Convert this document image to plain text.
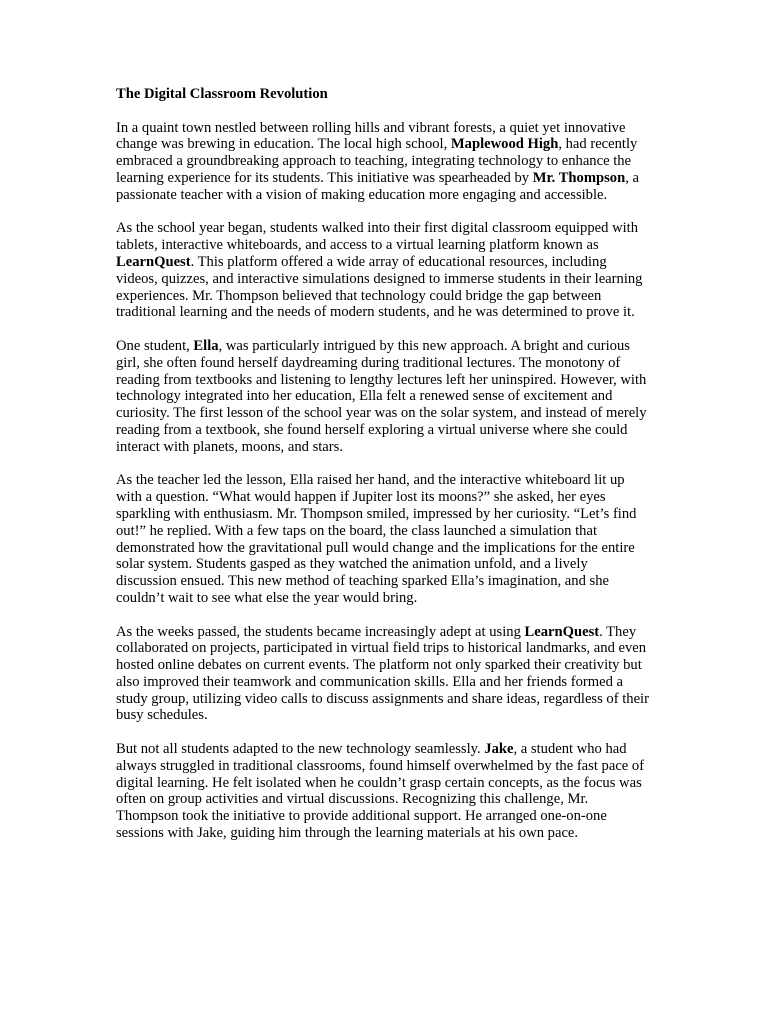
The Digital Classroom Revolution

In a quaint town nestled between rolling hills and vibrant forests, a quiet yet innovative change was brewing in education. The local high school, Maplewood High, had recently embraced a groundbreaking approach to teaching, integrating technology to enhance the learning experience for its students. This initiative was spearheaded by Mr. Thompson, a passionate teacher with a vision of making education more engaging and accessible.

As the school year began, students walked into their first digital classroom equipped with tablets, interactive whiteboards, and access to a virtual learning platform known as LearnQuest. This platform offered a wide array of educational resources, including videos, quizzes, and interactive simulations designed to immerse students in their learning experiences. Mr. Thompson believed that technology could bridge the gap between traditional learning and the needs of modern students, and he was determined to prove it.

One student, Ella, was particularly intrigued by this new approach. A bright and curious girl, she often found herself daydreaming during traditional lectures. The monotony of reading from textbooks and listening to lengthy lectures left her uninspired. However, with technology integrated into her education, Ella felt a renewed sense of excitement and curiosity. The first lesson of the school year was on the solar system, and instead of merely reading from a textbook, she found herself exploring a virtual universe where she could interact with planets, moons, and stars.

As the teacher led the lesson, Ella raised her hand, and the interactive whiteboard lit up with a question. “What would happen if Jupiter lost its moons?” she asked, her eyes sparkling with enthusiasm. Mr. Thompson smiled, impressed by her curiosity. “Let’s find out!” he replied. With a few taps on the board, the class launched a simulation that demonstrated how the gravitational pull would change and the implications for the entire solar system. Students gasped as they watched the animation unfold, and a lively discussion ensued. This new method of teaching sparked Ella’s imagination, and she couldn’t wait to see what else the year would bring.

As the weeks passed, the students became increasingly adept at using LearnQuest. They collaborated on projects, participated in virtual field trips to historical landmarks, and even hosted online debates on current events. The platform not only sparked their creativity but also improved their teamwork and communication skills. Ella and her friends formed a study group, utilizing video calls to discuss assignments and share ideas, regardless of their busy schedules.

But not all students adapted to the new technology seamlessly. Jake, a student who had always struggled in traditional classrooms, found himself overwhelmed by the fast pace of digital learning. He felt isolated when he couldn’t grasp certain concepts, as the focus was often on group activities and virtual discussions. Recognizing this challenge, Mr. Thompson took the initiative to provide additional support. He arranged one-on-one sessions with Jake, guiding him through the learning materials at his own pace.
